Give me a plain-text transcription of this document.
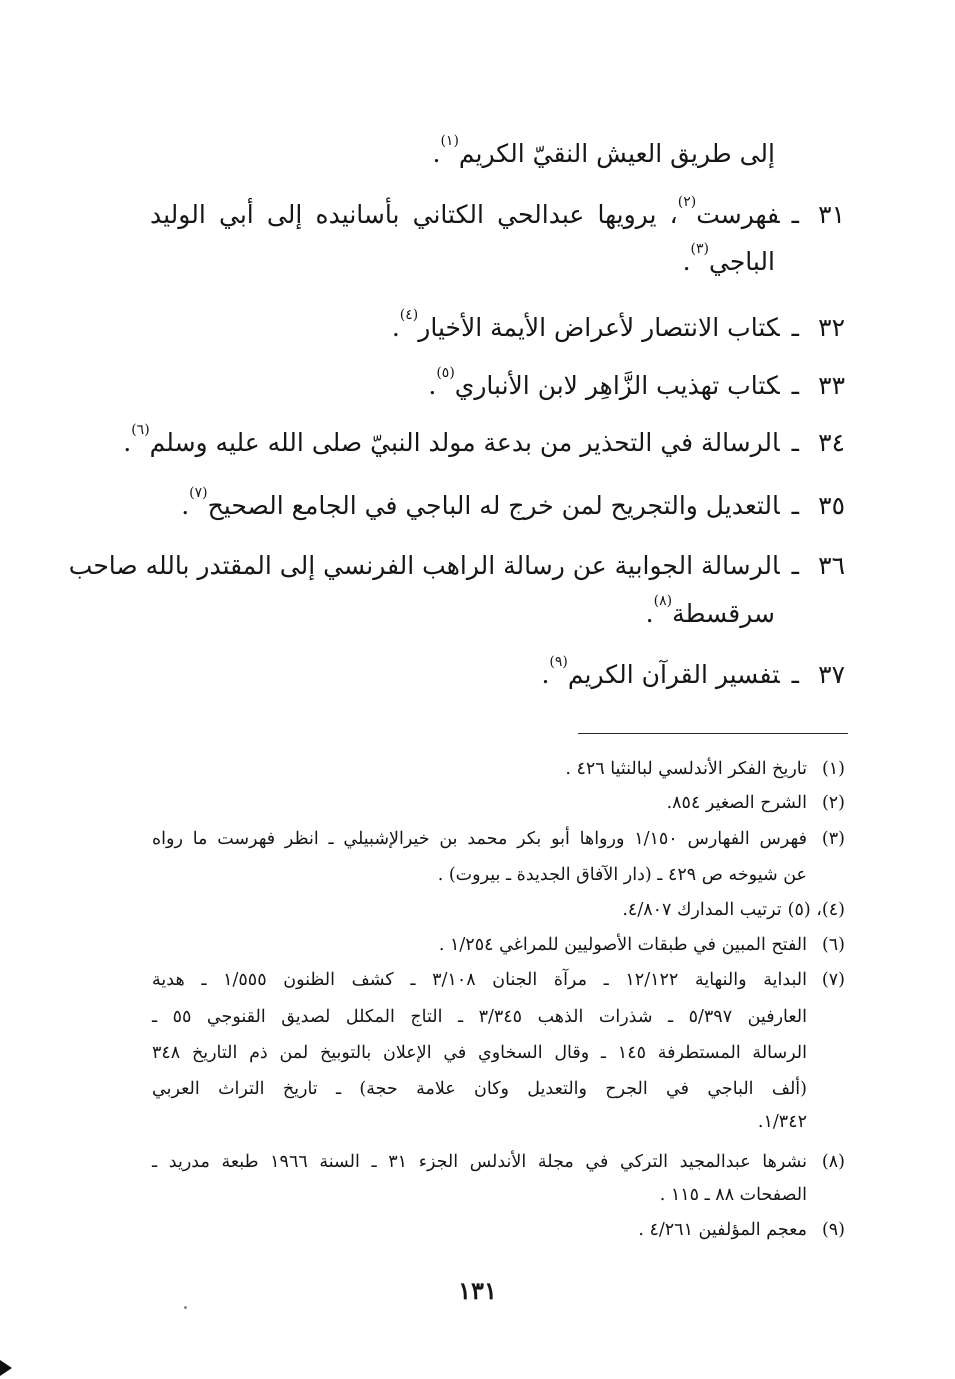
إلى طريق العيش النقيّ الكريم$^{(١)}$.
٣١ـفهرست$^{(٢)}$، يرويها عبدالحي الكتاني بأسانيده إلى أبي الوليد
الباجي$^{(٣)}$.
٣٢ـكتاب الانتصار لأعراض الأيمة الأخيار$^{(٤)}$.
٣٣ـكتاب تهذيب الزَّاهِر لابن الأنباري$^{(٥)}$.
٣٤ـالرسالة في التحذير من بدعة مولد النبيّ صلى الله عليه وسلم$^{(٦)}$.
٣٥ـالتعديل والتجريح لمن خرج له الباجي في الجامع الصحيح$^{(٧)}$.
٣٦ـالرسالة الجوابية عن رسالة الراهب الفرنسي إلى المقتدر بالله صاحب
سرقسطة$^{(٨)}$.
٣٧ـتفسير القرآن الكريم$^{(٩)}$.
(١)تاريخ الفكر الأندلسي لبالنثيا ٤٢٦ .
(٢)الشرح الصغير ٨٥٤.
(٣)فهرس الفهارس ١/١٥٠ ورواها أبو بكر محمد بن خيرالإشبيلي ـ انظر فهرست ما رواه
عن شيوخه ص ٤٢٩ ـ (دار الآفاق الجديدة ـ بيروت) .
(٤)، (٥)ترتيب المدارك ٤/٨٠٧.
(٦)الفتح المبين في طبقات الأصوليين للمراغي ١/٢٥٤ .
(٧)البداية والنهاية ١٢/١٢٢ ـ مرآة الجنان ٣/١٠٨ ـ كشف الظنون ١/٥٥٥ ـ هدية
العارفين ٥/٣٩٧ ـ شذرات الذهب ٣/٣٤٥ ـ التاج المكلل لصديق القنوجي ٥٥ ـ
الرسالة المستطرفة ١٤٥ ـ وقال السخاوي في الإعلان بالتوبيخ لمن ذم التاريخ ٣٤٨
(ألف الباجي في الجرح والتعديل وكان علامة حجة) ـ تاريخ التراث العربي
١/٣٤٢.
(٨)نشرها عبدالمجيد التركي في مجلة الأندلس الجزء ٣١ ـ السنة ١٩٦٦ طبعة مدريد ـ
الصفحات ٨٨ ـ ١١٥ .
(٩)معجم المؤلفين ٤/٢٦١ .
١٣١
